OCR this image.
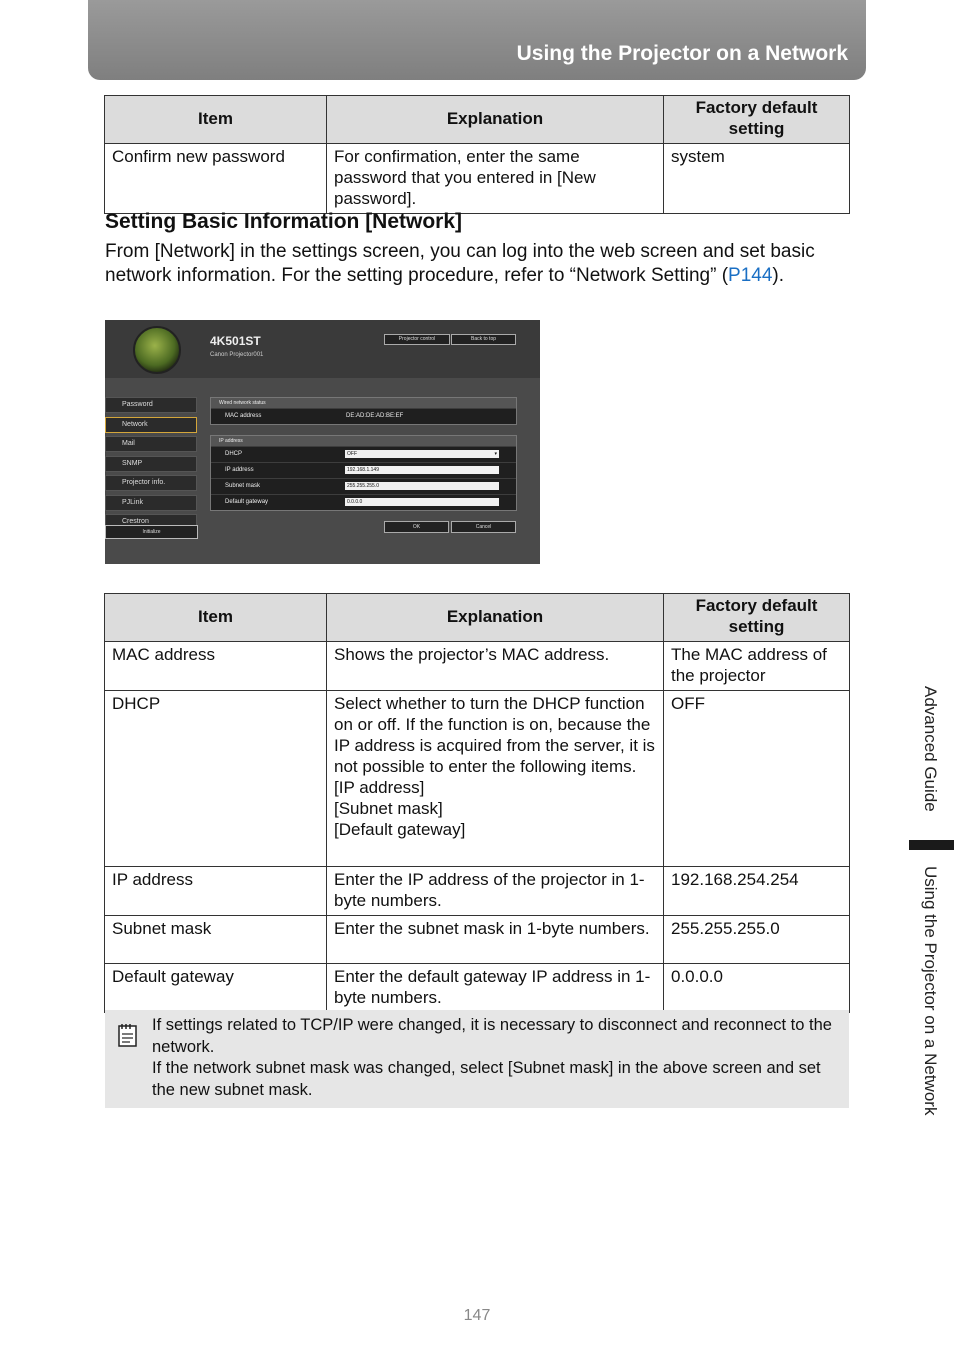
Using the Projector on a Network
Item	Explanation	Factory default setting
Confirm new password	For confirmation, enter the same password that you entered in [New password].	system
Setting Basic Information [Network]
From [Network] in the settings screen, you can log into the web screen and set basic network information. For the setting procedure, refer to “Network Setting” (P144).
4K501ST
Canon Projector001
Projector control	Back to top
Password
Network
Mail
SNMP
Projector info.
PJLink
Crestron
Initialize
Wired network status
MAC address	DE:AD:DE:AD:BE:EF
IP address
DHCP	OFF	▾
IP address	192.168.1.149
Subnet mask	255.255.255.0
Default gateway	0.0.0.0
OK	Cancel
Item	Explanation	Factory default setting
MAC address	Shows the projector’s MAC address.	The MAC address of the projector
DHCP	Select whether to turn the DHCP function on or off. If the function is on, because the IP address is acquired from the server, it is not possible to enter the following items.
[IP address]
[Subnet mask]
[Default gateway]	OFF
IP address	Enter the IP address of the projector in 1-byte numbers.	192.168.254.254
Subnet mask	Enter the subnet mask in 1-byte numbers.	255.255.255.0
Default gateway	Enter the default gateway IP address in 1-byte numbers.	0.0.0.0
If settings related to TCP/IP were changed, it is necessary to disconnect and reconnect to the network.
If the network subnet mask was changed, select [Subnet mask] in the above screen and set the new subnet mask.
Advanced Guide
Using the Projector on a Network
147
